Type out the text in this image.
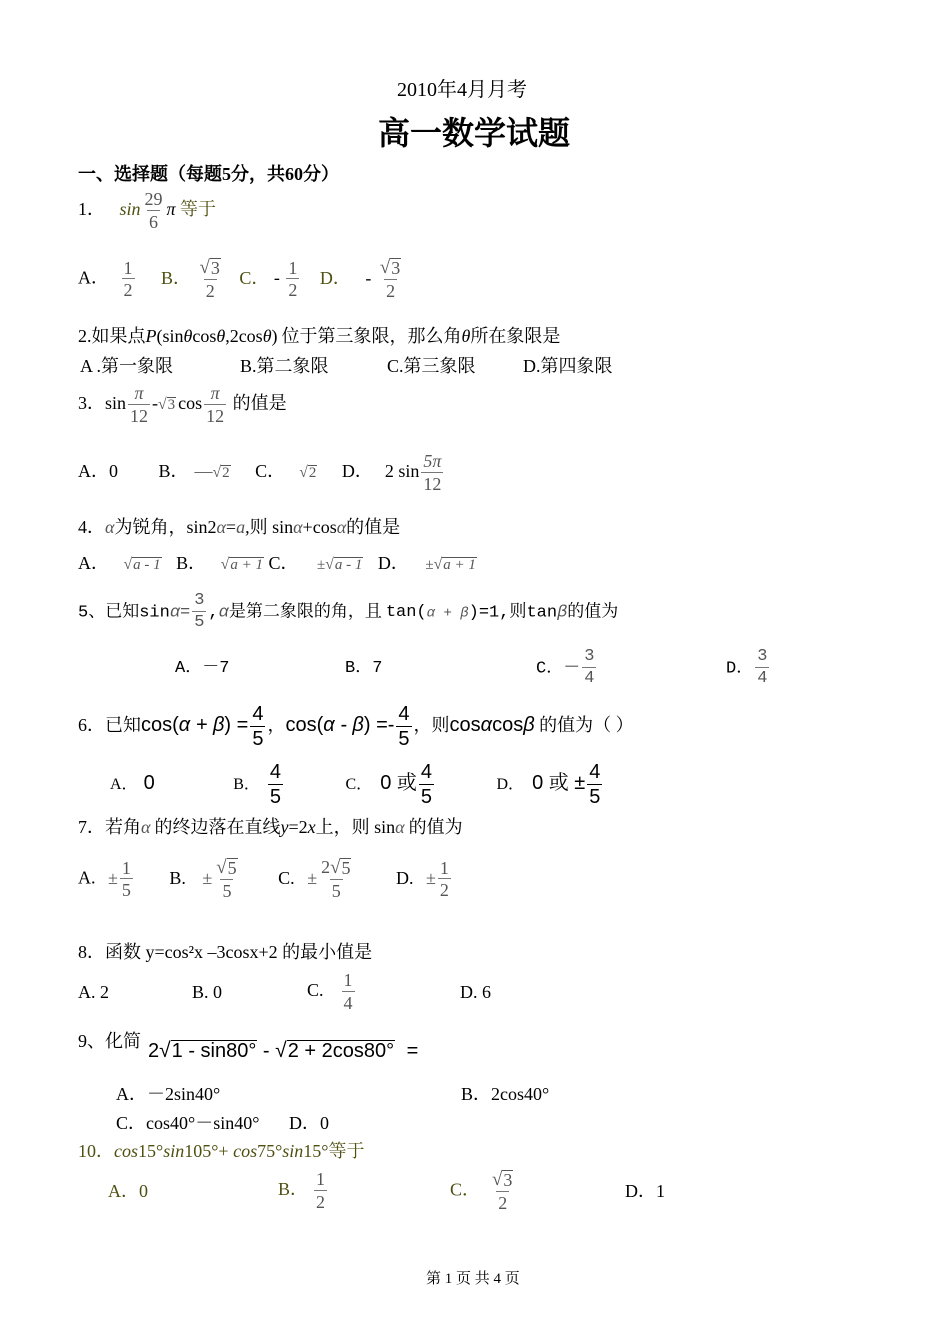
2010年4月月考
高一数学试题
一、选择题（每题5分，共60分）
1． $\sin \frac{29}{6}$ π 等于
A． $\frac{1}{2}$ B． $\frac{√ 3}{2}$ C． - $\frac{1}{2}$ D． - $\frac{√ 3}{2}$
2.如果点P(sinθcosθ,2cosθ) 位于第三象限，那么角θ所在象限是
A .第一象限	B.第二象限	C.第三象限	D.第四象限
3．$\sin \frac{\pi}{12}$ - √ 3 $\cos \frac{\pi}{12}$ 的值是
A．0 B． — √ 2 C． √ 2 D． 2 $\sin \frac{5\pi}{12}$
4．α为锐角，sin2α=a,则 sinα+cosα的值是
A． √ a - 1 B． √ a + 1 C． ± √ a - 1 D． ± √ a + 1
5、已知$\sin\alpha= \frac{3}{5} ,\alpha$是第二象限的角，且 tan(α + β)=1,则tanβ的值为
A．－7	B．7	C．－ $\frac{3}{4}$	D． $\frac{3}{4}$
6．已知$\cos(\alpha + \beta) = \frac{4}{5}$ ，$\cos(\alpha - \beta) =- \frac{4}{5}$ ，则cosαcosβ 的值为（ ）
A． 0	B． $\frac{4}{5}$	C． 0 或 $\frac{4}{5}$	D． 0 或 ± $\frac{4}{5}$
7．若角α 的终边落在直线y=2x上，则 sinα 的值为
A. ± $\frac{1}{5} B$. ± $\frac{√ 5}{5} C$. ± $\frac{2 √ 5}{5} D$. ± $\frac{1}{2}$
8．函数 y=cos²x –3cosx+2 的最小值是
A. 2	B. 0	C. $\frac{1}{4}$	D. 6
9、化简 2 √ 1 - sin80° - √ 2 + 2cos80° =
A．－2sin40°	B．2cos40°
C．cos40°－sin40° D．0
10．cos15°sin105°+ cos75°sin15°等于
A．0	B． $\frac{1}{2}$	C． $\frac{√ 3}{2}$	D．1
第 1 页 共 4 页
